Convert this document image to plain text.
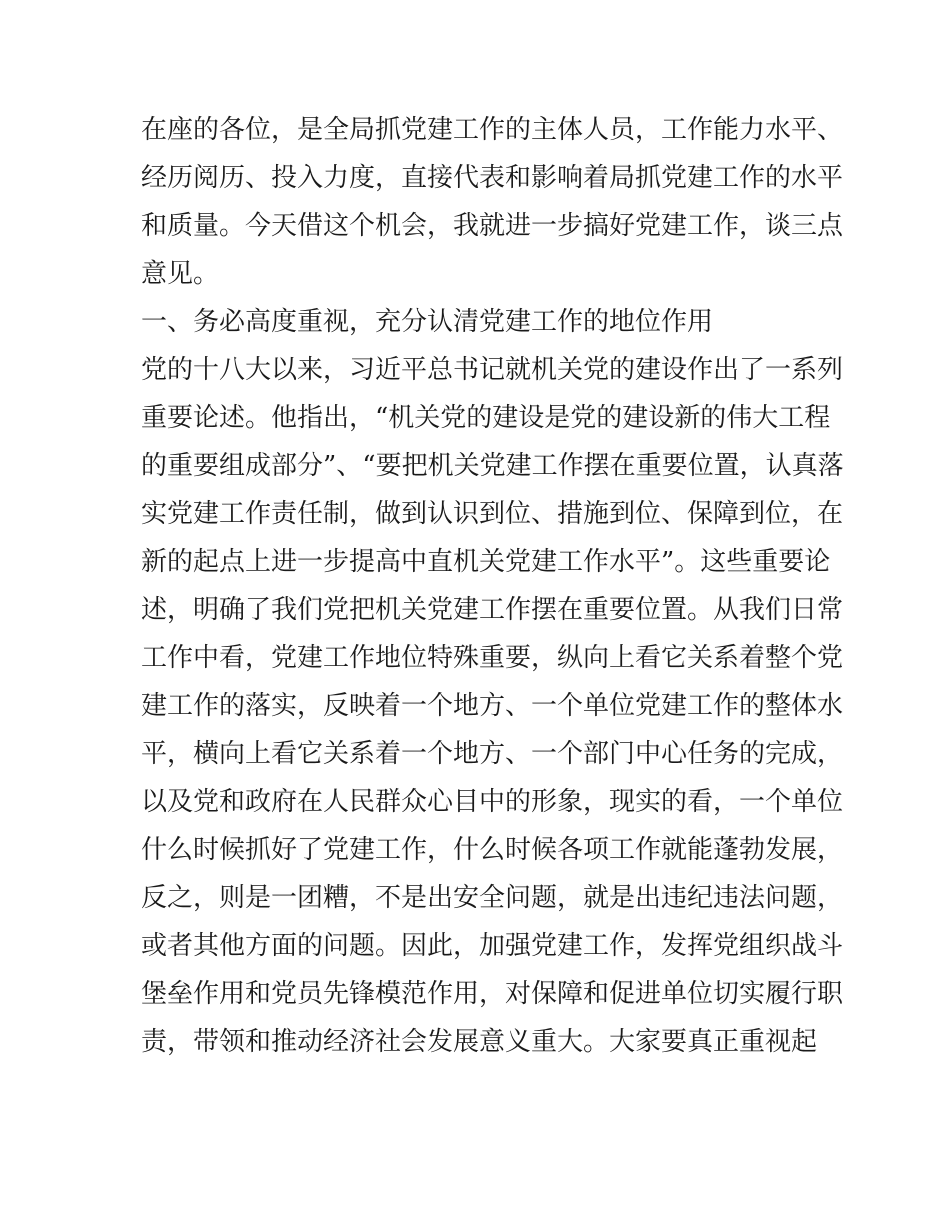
在座的各位，是全局抓党建工作的主体人员，工作能力水平、
经历阅历、投入力度，直接代表和影响着局抓党建工作的水平
和质量。今天借这个机会，我就进一步搞好党建工作，谈三点
意见。
一、务必高度重视，充分认清党建工作的地位作用
党的十八大以来，习近平总书记就机关党的建设作出了一系列
重要论述。他指出，“机关党的建设是党的建设新的伟大工程
的重要组成部分”、“要把机关党建工作摆在重要位置，认真落
实党建工作责任制，做到认识到位、措施到位、保障到位，在
新的起点上进一步提高中直机关党建工作水平”。这些重要论
述，明确了我们党把机关党建工作摆在重要位置。从我们日常
工作中看，党建工作地位特殊重要，纵向上看它关系着整个党
建工作的落实，反映着一个地方、一个单位党建工作的整体水
平，横向上看它关系着一个地方、一个部门中心任务的完成，
以及党和政府在人民群众心目中的形象，现实的看，一个单位
什么时候抓好了党建工作，什么时候各项工作就能蓬勃发展，
反之，则是一团糟，不是出安全问题，就是出违纪违法问题，
或者其他方面的问题。因此，加强党建工作，发挥党组织战斗
堡垒作用和党员先锋模范作用，对保障和促进单位切实履行职
责，带领和推动经济社会发展意义重大。大家要真正重视起
